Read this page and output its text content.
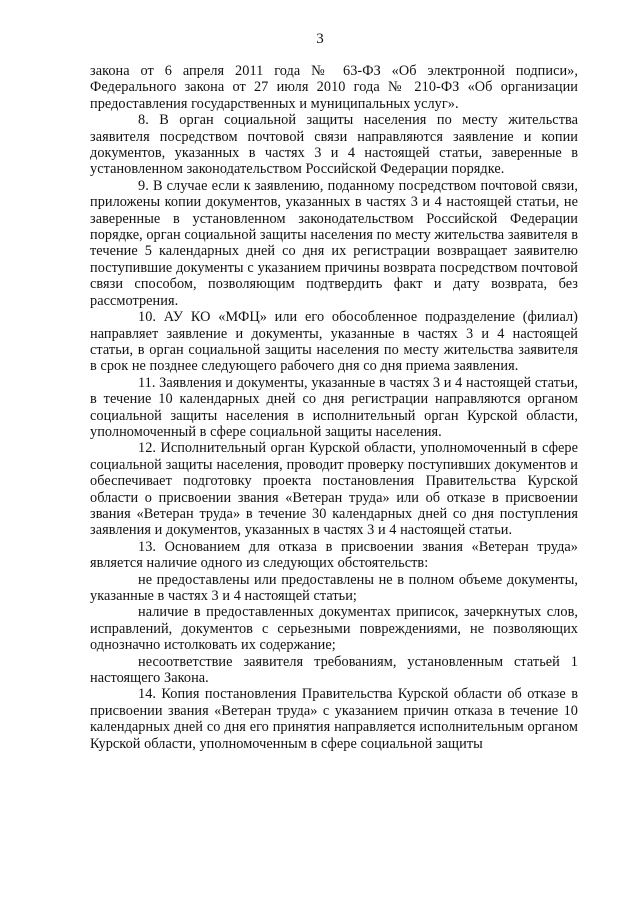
3

закона от 6 апреля 2011 года № 63-ФЗ «Об электронной подписи», Федерального закона от 27 июля 2010 года № 210-ФЗ «Об организации предоставления государственных и муниципальных услуг».

8. В орган социальной защиты населения по месту жительства заявителя посредством почтовой связи направляются заявление и копии документов, указанных в частях 3 и 4 настоящей статьи, заверенные в установленном законодательством Российской Федерации порядке.

9. В случае если к заявлению, поданному посредством почтовой связи, приложены копии документов, указанных в частях 3 и 4 настоящей статьи, не заверенные в установленном законодательством Российской Федерации порядке, орган социальной защиты населения по месту жительства заявителя в течение 5 календарных дней со дня их регистрации возвращает заявителю поступившие документы с указанием причины возврата посредством почтовой связи способом, позволяющим подтвердить факт и дату возврата, без рассмотрения.

10. АУ КО «МФЦ» или его обособленное подразделение (филиал) направляет заявление и документы, указанные в частях 3 и 4 настоящей статьи, в орган социальной защиты населения по месту жительства заявителя в срок не позднее следующего рабочего дня со дня приема заявления.

11. Заявления и документы, указанные в частях 3 и 4 настоящей статьи, в течение 10 календарных дней со дня регистрации направляются органом социальной защиты населения в исполнительный орган Курской области, уполномоченный в сфере социальной защиты населения.

12. Исполнительный орган Курской области, уполномоченный в сфере социальной защиты населения, проводит проверку поступивших документов и обеспечивает подготовку проекта постановления Правительства Курской области о присвоении звания «Ветеран труда» или об отказе в присвоении звания «Ветеран труда» в течение 30 календарных дней со дня поступления заявления и документов, указанных в частях 3 и 4 настоящей статьи.

13. Основанием для отказа в присвоении звания «Ветеран труда» является наличие одного из следующих обстоятельств:

не предоставлены или предоставлены не в полном объеме документы, указанные в частях 3 и 4 настоящей статьи;

наличие в предоставленных документах приписок, зачеркнутых слов, исправлений, документов с серьезными повреждениями, не позволяющих однозначно истолковать их содержание;

несоответствие заявителя требованиям, установленным статьей 1 настоящего Закона.

14. Копия постановления Правительства Курской области об отказе в присвоении звания «Ветеран труда» с указанием причин отказа в течение 10 календарных дней со дня его принятия направляется исполнительным органом Курской области, уполномоченным в сфере социальной защиты
